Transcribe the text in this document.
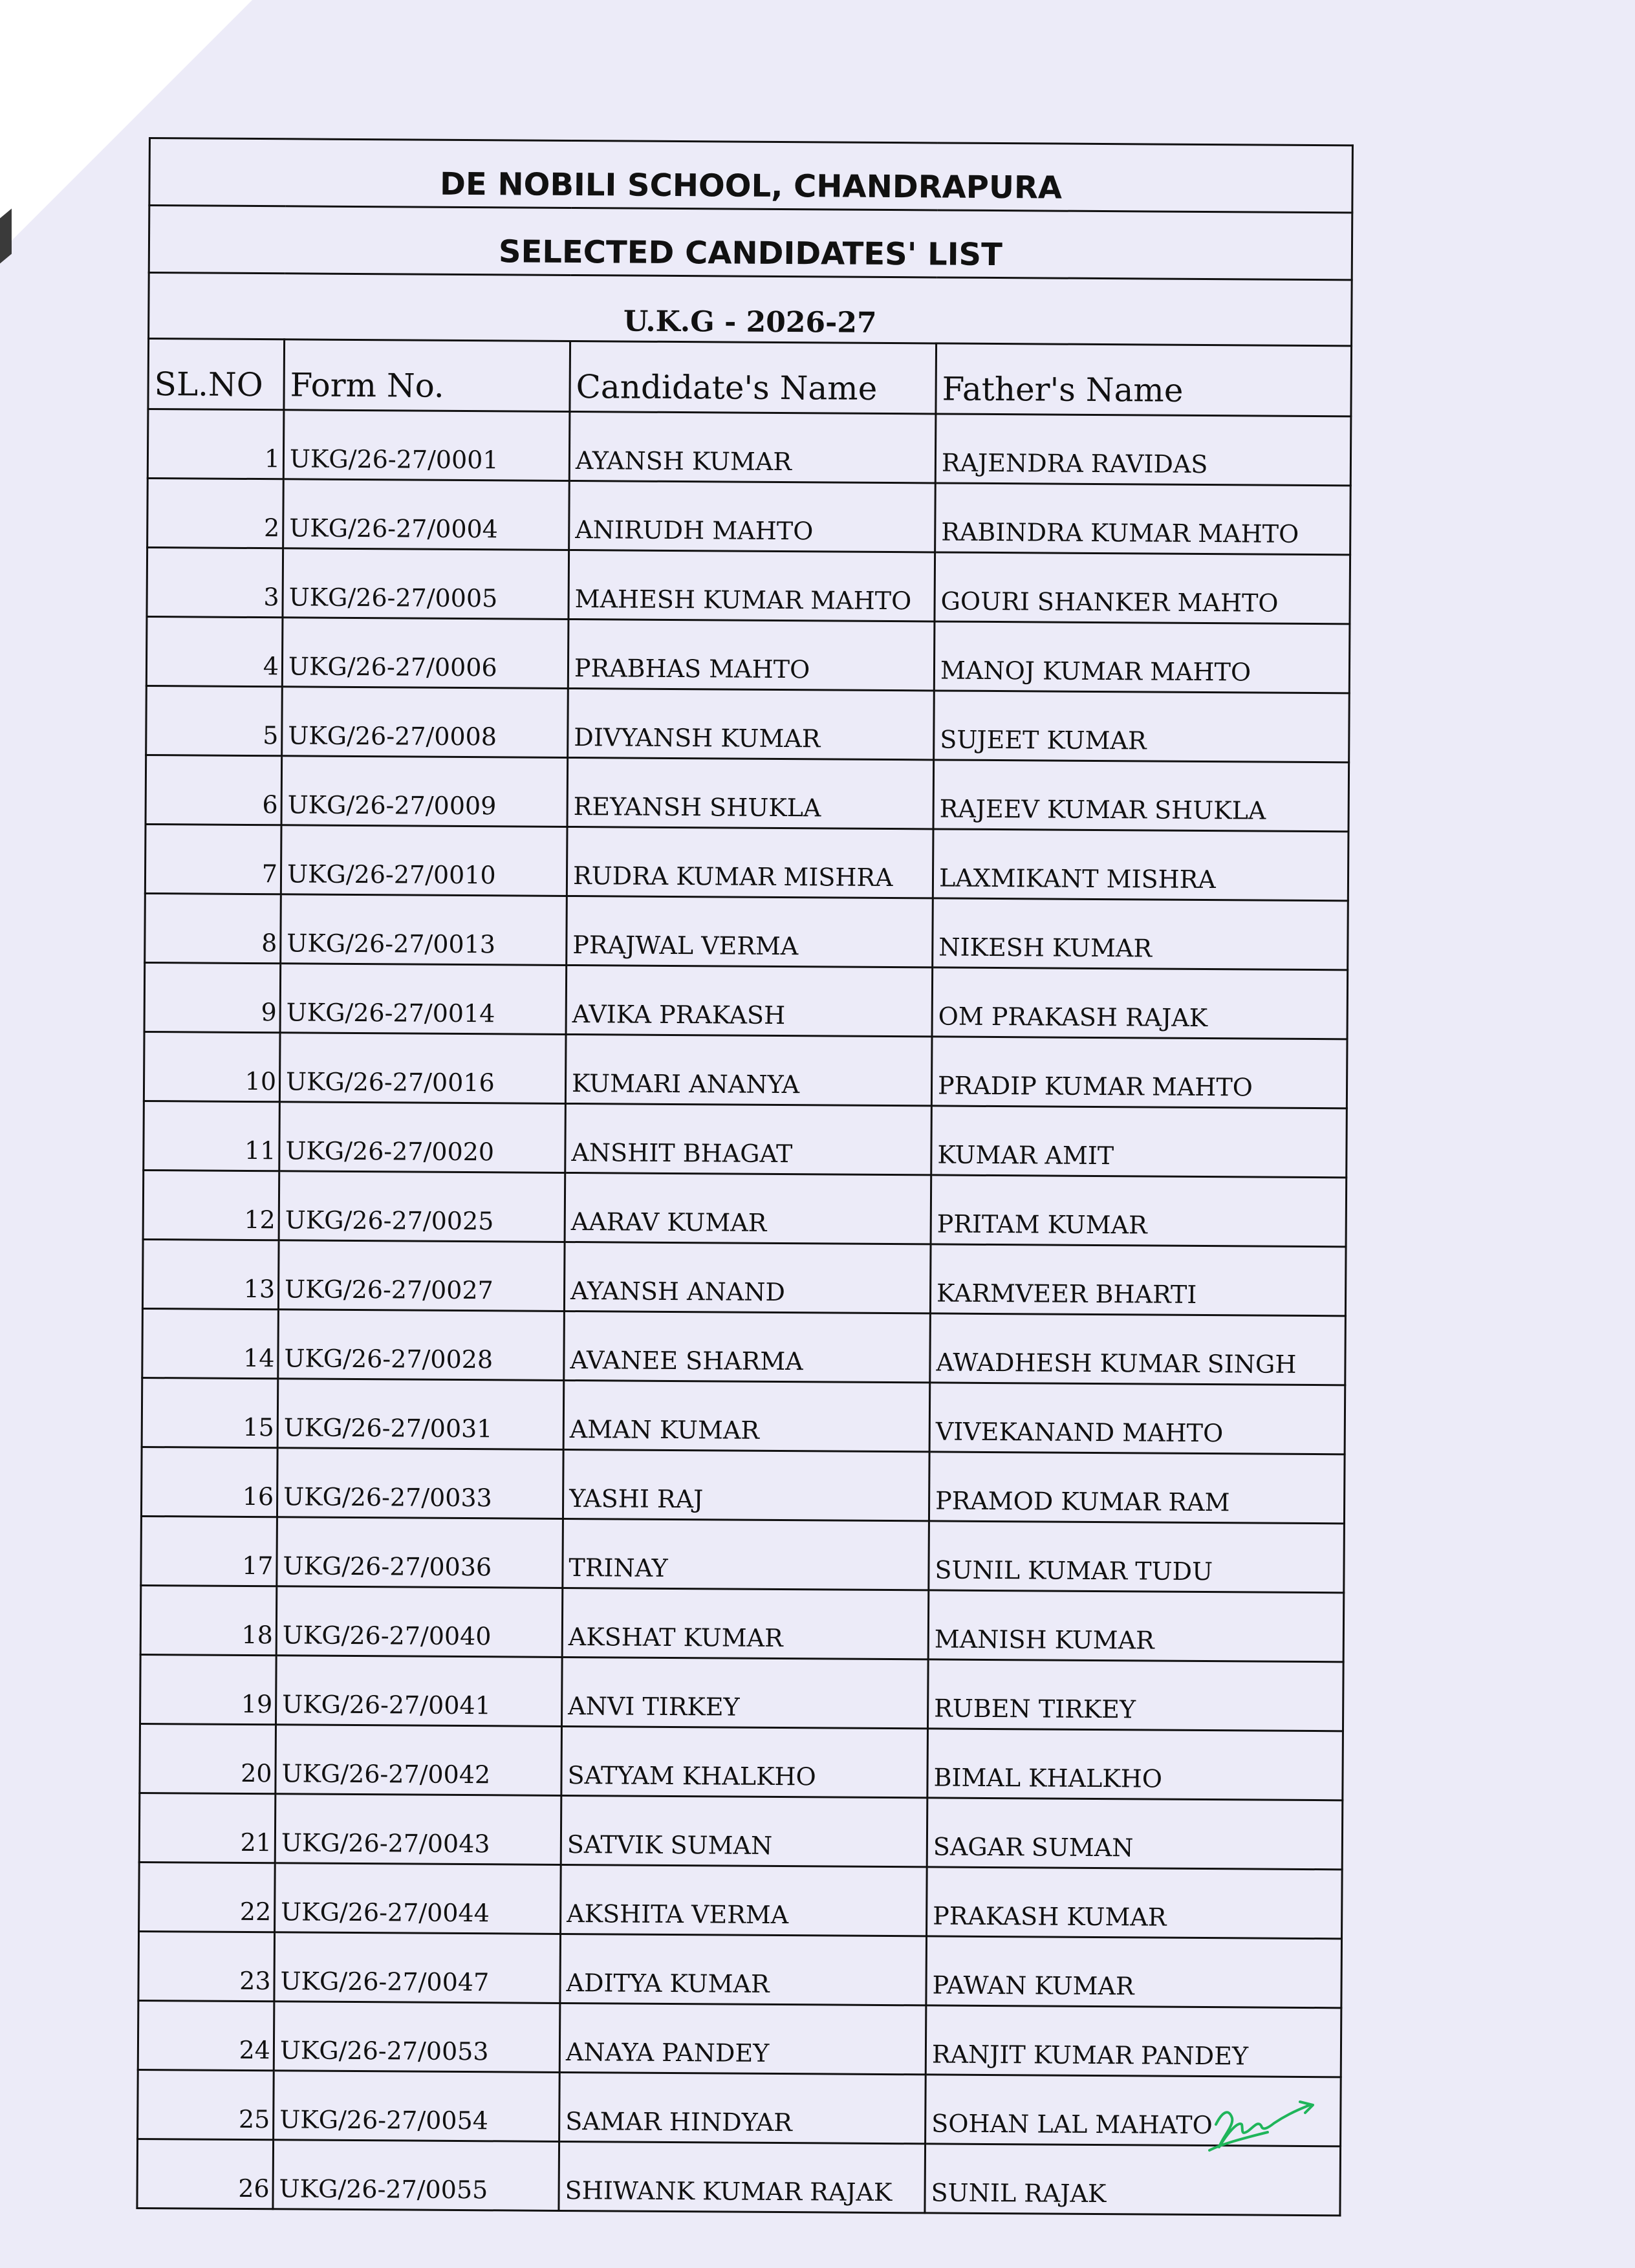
DE NOBILI SCHOOL, CHANDRAPURA			
SELECTED CANDIDATES' LIST			
U.K.G - 2026-27			
SL.NO	Form No.	Candidate's Name	Father's Name
1	UKG/26-27/0001	AYANSH KUMAR	RAJENDRA RAVIDAS
2	UKG/26-27/0004	ANIRUDH MAHTO	RABINDRA KUMAR MAHTO
3	UKG/26-27/0005	MAHESH KUMAR MAHTO	GOURI SHANKER MAHTO
4	UKG/26-27/0006	PRABHAS MAHTO	MANOJ KUMAR MAHTO
5	UKG/26-27/0008	DIVYANSH KUMAR	SUJEET KUMAR
6	UKG/26-27/0009	REYANSH SHUKLA	RAJEEV KUMAR SHUKLA
7	UKG/26-27/0010	RUDRA KUMAR MISHRA	LAXMIKANT MISHRA
8	UKG/26-27/0013	PRAJWAL VERMA	NIKESH KUMAR
9	UKG/26-27/0014	AVIKA PRAKASH	OM PRAKASH RAJAK
10	UKG/26-27/0016	KUMARI ANANYA	PRADIP KUMAR MAHTO
11	UKG/26-27/0020	ANSHIT BHAGAT	KUMAR AMIT
12	UKG/26-27/0025	AARAV KUMAR	PRITAM KUMAR
13	UKG/26-27/0027	AYANSH ANAND	KARMVEER BHARTI
14	UKG/26-27/0028	AVANEE SHARMA	AWADHESH KUMAR SINGH
15	UKG/26-27/0031	AMAN KUMAR	VIVEKANAND MAHTO
16	UKG/26-27/0033	YASHI RAJ	PRAMOD KUMAR RAM
17	UKG/26-27/0036	TRINAY	SUNIL KUMAR TUDU
18	UKG/26-27/0040	AKSHAT KUMAR	MANISH KUMAR
19	UKG/26-27/0041	ANVI TIRKEY	RUBEN TIRKEY
20	UKG/26-27/0042	SATYAM KHALKHO	BIMAL KHALKHO
21	UKG/26-27/0043	SATVIK SUMAN	SAGAR SUMAN
22	UKG/26-27/0044	AKSHITA VERMA	PRAKASH KUMAR
23	UKG/26-27/0047	ADITYA KUMAR	PAWAN KUMAR
24	UKG/26-27/0053	ANAYA PANDEY	RANJIT KUMAR PANDEY
25	UKG/26-27/0054	SAMAR HINDYAR	SOHAN LAL MAHATO
26	UKG/26-27/0055	SHIWANK KUMAR RAJAK	SUNIL RAJAK
